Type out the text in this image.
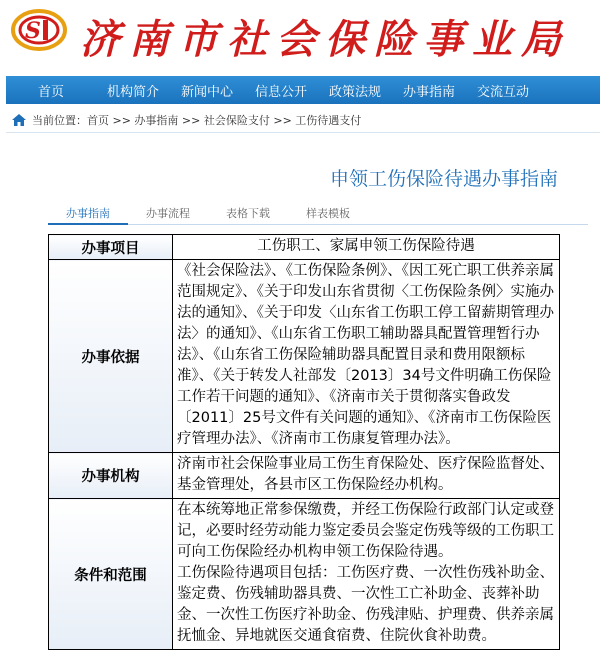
S 济南市社会保险事业局
首页	机构简介	新闻中心	信息公开	政策法规	办事指南	交流互动
当前位置：首页 >> 办事指南 >> 社会保险支付 >> 工伤待遇支付
申领工伤保险待遇办事指南
办事指南	办事流程	表格下载	样表模板
办事项目	工伤职工、家属申领工伤保险待遇
办事依据	《社会保险法》、《工伤保险条例》、《因工死亡职工供养亲属范围规定》、《关于印发山东省贯彻〈工伤保险条例〉实施办法的通知》、《关于印发〈山东省工伤职工停工留薪期管理办法〉的通知》、《山东省工伤职工辅助器具配置管理暂行办法》、《山东省工伤保险辅助器具配置目录和费用限额标准》、《关于转发人社部发〔2013〕34号文件明确工伤保险工作若干问题的通知》、《济南市关于贯彻落实鲁政发〔2011〕25号文件有关问题的通知》、《济南市工伤保险医疗管理办法》、《济南市工伤康复管理办法》。
办事机构	济南市社会保险事业局工伤生育保险处、医疗保险监督处、基金管理处，各县市区工伤保险经办机构。
条件和范围	在本统筹地正常参保缴费，并经工伤保险行政部门认定或登记，必要时经劳动能力鉴定委员会鉴定伤残等级的工伤职工可向工伤保险经办机构申领工伤保险待遇。
工伤保险待遇项目包括：工伤医疗费、一次性伤残补助金、鉴定费、伤残辅助器具费、一次性工亡补助金、丧葬补助金、一次性工伤医疗补助金、伤残津贴、护理费、供养亲属抚恤金、异地就医交通食宿费、住院伙食补助费。
